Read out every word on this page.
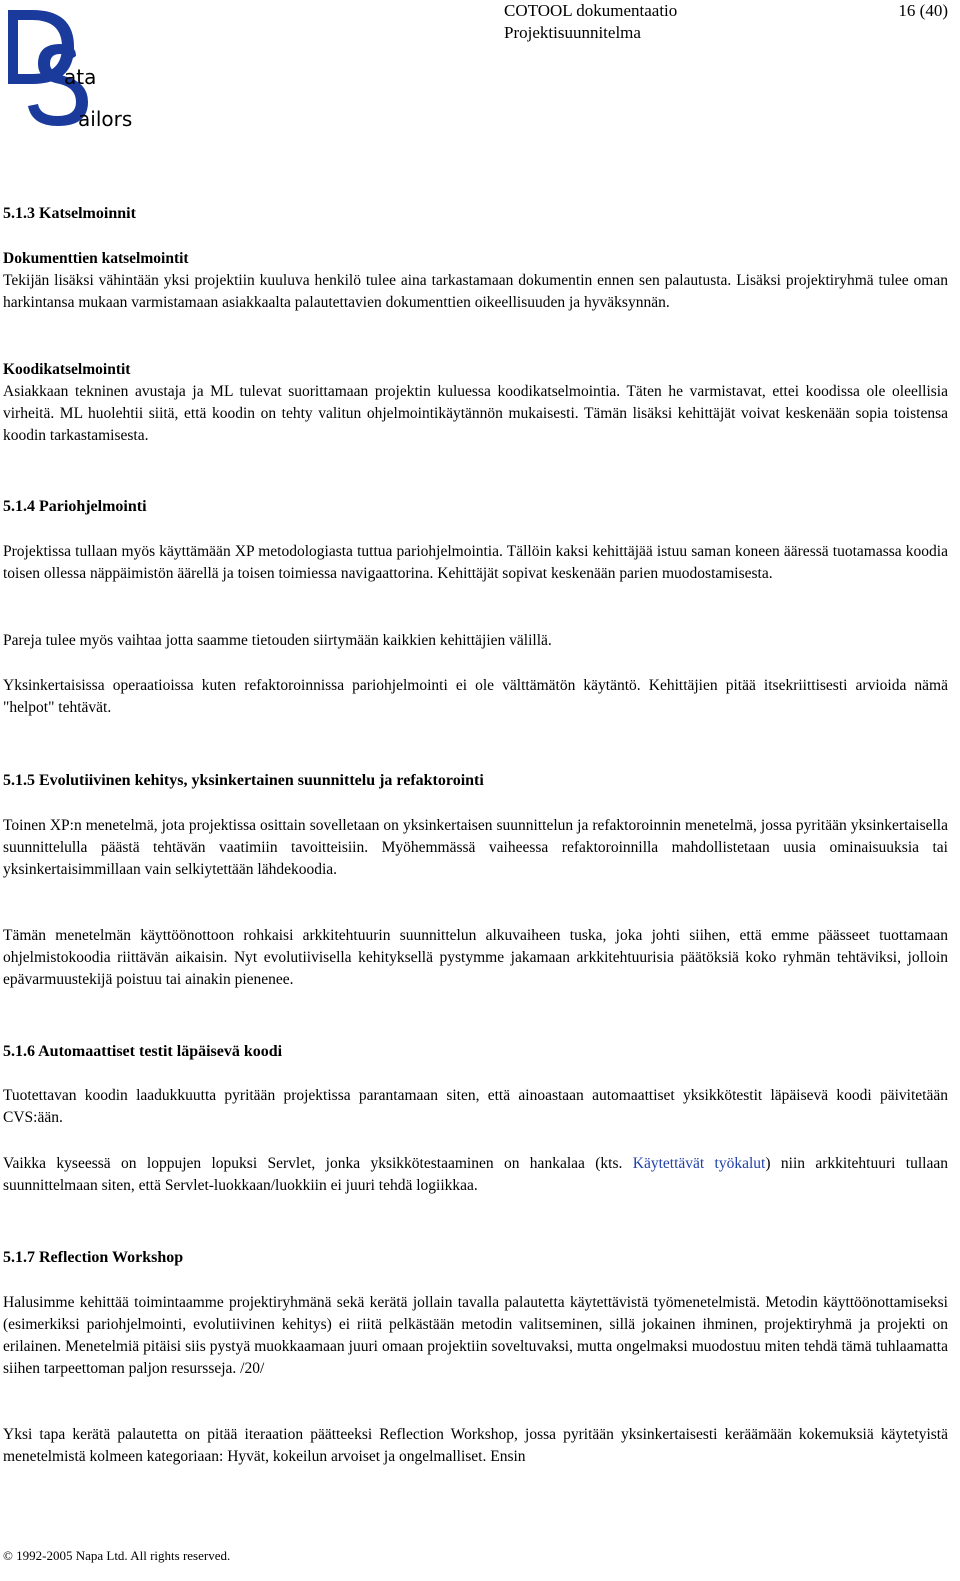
ata
ailors
COTOOL dokumentaatio	16 (40)
Projektisuunnitelma
5.1.3 Katselmoinnit
Dokumenttien katselmointit

Tekijän lisäksi vähintään yksi projektiin kuuluva henkilö tulee aina tarkastamaan dokumentin ennen sen palautusta. Lisäksi projektiryhmä tulee oman harkintansa mukaan varmistamaan asiakkaalta palautettavien dokumenttien oikeellisuuden ja hyväksynnän.

Koodikatselmointit

Asiakkaan tekninen avustaja ja ML tulevat suorittamaan projektin kuluessa koodikatselmointia. Täten he varmistavat, ettei koodissa ole oleellisia virheitä. ML huolehtii siitä, että koodin on tehty valitun ohjelmointikäytännön mukaisesti. Tämän lisäksi kehittäjät voivat keskenään sopia toistensa koodin tarkastamisesta.

5.1.4 Pariohjelmointi

Projektissa tullaan myös käyttämään XP metodologiasta tuttua pariohjelmointia. Tällöin kaksi kehittäjää istuu saman koneen ääressä tuotamassa koodia toisen ollessa näppäimistön äärellä ja toisen toimiessa navigaattorina. Kehittäjät sopivat keskenään parien muodostamisesta.

Pareja tulee myös vaihtaa jotta saamme tietouden siirtymään kaikkien kehittäjien välillä.

Yksinkertaisissa operaatioissa kuten refaktoroinnissa pariohjelmointi ei ole välttämätön käytäntö. Kehittäjien pitää itsekriittisesti arvioida nämä "helpot" tehtävät.

5.1.5 Evolutiivinen kehitys, yksinkertainen suunnittelu ja refaktorointi

Toinen XP:n menetelmä, jota projektissa osittain sovelletaan on yksinkertaisen suunnittelun ja refaktoroinnin menetelmä, jossa pyritään yksinkertaisella suunnittelulla päästä tehtävän vaatimiin tavoitteisiin. Myöhemmässä vaiheessa refaktoroinnilla mahdollistetaan uusia ominaisuuksia tai yksinkertaisimmillaan vain selkiytettään lähdekoodia.

Tämän menetelmän käyttöönottoon rohkaisi arkkitehtuurin suunnittelun alkuvaiheen tuska, joka johti siihen, että emme päässeet tuottamaan ohjelmistokoodia riittävän aikaisin. Nyt evolutiivisella kehityksellä pystymme jakamaan arkkitehtuurisia päätöksiä koko ryhmän tehtäviksi, jolloin epävarmuustekijä poistuu tai ainakin pienenee.

5.1.6 Automaattiset testit läpäisevä koodi

Tuotettavan koodin laadukkuutta pyritään projektissa parantamaan siten, että ainoastaan automaattiset yksikkötestit läpäisevä koodi päivitetään CVS:ään.

Vaikka kyseessä on loppujen lopuksi Servlet, jonka yksikkötestaaminen on hankalaa (kts. Käytettävät työkalut) niin arkkitehtuuri tullaan suunnittelmaan siten, että Servlet-luokkaan/luokkiin ei juuri tehdä logiikkaa.

5.1.7 Reflection Workshop

Halusimme kehittää toimintaamme projektiryhmänä sekä kerätä jollain tavalla palautetta käytettävistä työmenetelmistä. Metodin käyttöönottamiseksi (esimerkiksi pariohjelmointi, evolutiivinen kehitys) ei riitä pelkästään metodin valitseminen, sillä jokainen ihminen, projektiryhmä ja projekti on erilainen. Menetelmiä pitäisi siis pystyä muokkaamaan juuri omaan projektiin soveltuvaksi, mutta ongelmaksi muodostuu miten tehdä tämä tuhlaamatta siihen tarpeettoman paljon resursseja. /20/

Yksi tapa kerätä palautetta on pitää iteraation päätteeksi Reflection Workshop, jossa pyritään yksinkertaisesti keräämään kokemuksiä käytetyistä menetelmistä kolmeen kategoriaan: Hyvät, kokeilun arvoiset ja ongelmalliset. Ensin

© 1992-2005 Napa Ltd. All rights reserved.
